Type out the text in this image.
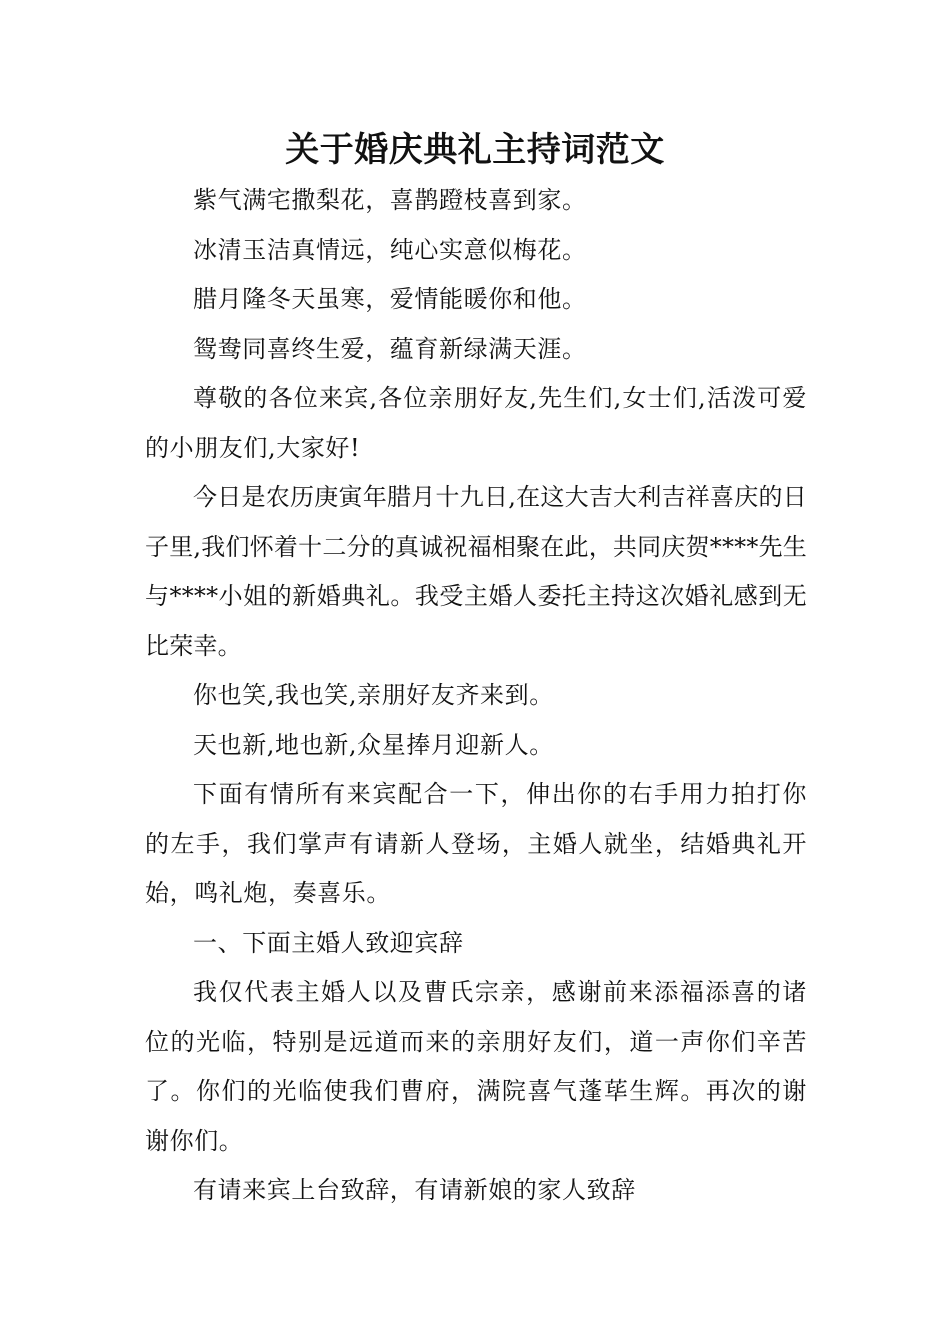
关于婚庆典礼主持词范文

紫气满宅撒梨花，喜鹊蹬枝喜到家。

冰清玉洁真情远，纯心实意似梅花。

腊月隆冬天虽寒，爱情能暖你和他。

鸳鸯同喜终生爱，蕴育新绿满天涯。

尊敬的各位来宾,各位亲朋好友,先生们,女士们,活泼可爱的小朋友们,大家好!

今日是农历庚寅年腊月十九日,在这大吉大利吉祥喜庆的日子里,我们怀着十二分的真诚祝福相聚在此，共同庆贺****先生与****小姐的新婚典礼。我受主婚人委托主持这次婚礼感到无比荣幸。

你也笑,我也笑,亲朋好友齐来到。

天也新,地也新,众星捧月迎新人。

下面有情所有来宾配合一下，伸出你的右手用力拍打你的左手，我们掌声有请新人登场，主婚人就坐，结婚典礼开始，鸣礼炮，奏喜乐。

一、下面主婚人致迎宾辞

我仅代表主婚人以及曹氏宗亲，感谢前来添福添喜的诸位的光临，特别是远道而来的亲朋好友们，道一声你们辛苦了。你们的光临使我们曹府，满院喜气蓬荜生辉。再次的谢谢你们。

有请来宾上台致辞，有请新娘的家人致辞
